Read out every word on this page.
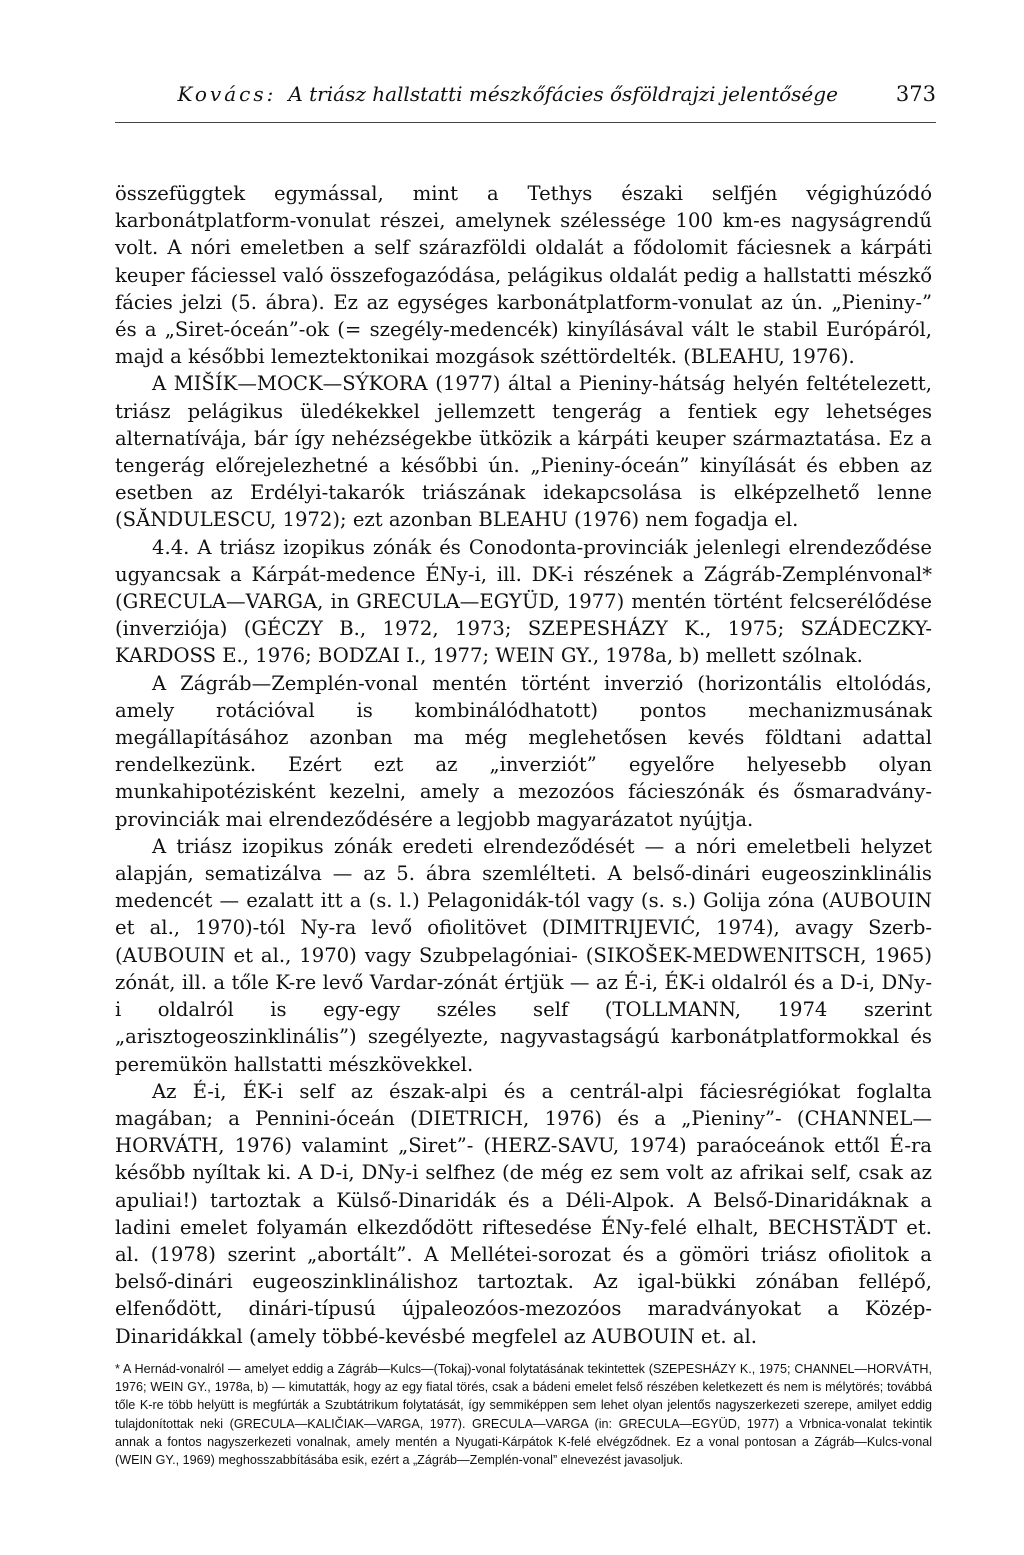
Kovács: A triász hallstatti mészkőfácies ősföldrajzi jelentősége	373

összefüggtek egymással, mint a Tethys északi selfjén végighúzódó karbonátplatform-vonulat részei, amelynek szélessége 100 km-es nagyságrendű volt. A nóri emeletben a self szárazföldi oldalát a fődolomit fáciesnek a kárpáti keuper fáciessel való összefogazódása, pelágikus oldalát pedig a hallstatti mészkő fácies jelzi (5. ábra). Ez az egységes karbonátplatform-vonulat az ún. „Pieniny-” és a „Siret-óceán”-ok (= szegély-medencék) kinyílásával vált le stabil Európáról, majd a későbbi lemeztektonikai mozgások széttördelték. (BLEAHU, 1976).

A MIŠÍK—MOCK—SÝKORA (1977) által a Pieniny-hátság helyén feltételezett, triász pelágikus üledékekkel jellemzett tengerág a fentiek egy lehetséges alternatívája, bár így nehézségekbe ütközik a kárpáti keuper származtatása. Ez a tengerág előrejelezhetné a későbbi ún. „Pieniny-óceán” kinyílását és ebben az esetben az Erdélyi-takarók triászának idekapcsolása is elképzelhető lenne (SĂNDULESCU, 1972); ezt azonban BLEAHU (1976) nem fogadja el.

4.4. A triász izopikus zónák és Conodonta-provinciák jelenlegi elrendeződése ugyancsak a Kárpát-medence ÉNy-i, ill. DK-i részének a Zágráb-Zemplénvonal* (GRECULA—VARGA, in GRECULA—EGYÜD, 1977) mentén történt felcserélődése (inverziója) (GÉCZY B., 1972, 1973; SZEPESHÁZY K., 1975; SZÁDECZKY-KARDOSS E., 1976; BODZAI I., 1977; WEIN GY., 1978a, b) mellett szólnak.

A Zágráb—Zemplén-vonal mentén történt inverzió (horizontális eltolódás, amely rotációval is kombinálódhatott) pontos mechanizmusának megállapításához azonban ma még meglehetősen kevés földtani adattal rendelkezünk. Ezért ezt az „inverziót” egyelőre helyesebb olyan munkahipotézisként kezelni, amely a mezozóos fácieszónák és ősmaradvány-provinciák mai elrendeződésére a legjobb magyarázatot nyújtja.

A triász izopikus zónák eredeti elrendeződését — a nóri emeletbeli helyzet alapján, sematizálva — az 5. ábra szemlélteti. A belső-dinári eugeoszinklinális medencét — ezalatt itt a (s. l.) Pelagonidák-tól vagy (s. s.) Golija zóna (AUBOUIN et al., 1970)-tól Ny-ra levő ofiolitövet (DIMITRIJEVIĆ, 1974), avagy Szerb-(AUBOUIN et al., 1970) vagy Szubpelagóniai- (SIKOŠEK-MEDWENITSCH, 1965) zónát, ill. a tőle K-re levő Vardar-zónát értjük — az É-i, ÉK-i oldalról és a D-i, DNy-i oldalról is egy-egy széles self (TOLLMANN, 1974 szerint „arisztogeoszinklinális”) szegélyezte, nagyvastagságú karbonátplatformokkal és peremükön hallstatti mészkövekkel.

Az É-i, ÉK-i self az észak-alpi és a centrál-alpi fáciesrégiókat foglalta magában; a Pennini-óceán (DIETRICH, 1976) és a „Pieniny”- (CHANNEL—HORVÁTH, 1976) valamint „Siret”- (HERZ-SAVU, 1974) paraóceánok ettől É-ra később nyíltak ki. A D-i, DNy-i selfhez (de még ez sem volt az afrikai self, csak az apuliai!) tartoztak a Külső-Dinaridák és a Déli-Alpok. A Belső-Dinaridáknak a ladini emelet folyamán elkezdődött riftesedése ÉNy-felé elhalt, BECHSTÄDT et. al. (1978) szerint „abortált”. A Mellétei-sorozat és a gömöri triász ofiolitok a belső-dinári eugeoszinklinálishoz tartoztak. Az igal-bükki zónában fellépő, elfenődött, dinári-típusú újpaleozóos-mezozóos maradványokat a Közép-Dinaridákkal (amely többé-kevésbé megfelel az AUBOUIN et. al.

* A Hernád-vonalról — amelyet eddig a Zágráb—Kulcs—(Tokaj)-vonal folytatásának tekintettek (SZEPESHÁZY K., 1975; CHANNEL—HORVÁTH, 1976; WEIN GY., 1978a, b) — kimutatták, hogy az egy fiatal törés, csak a bádeni emelet felső részében keletkezett és nem is mélytörés; továbbá tőle K-re több helyütt is megfúrták a Szubtátrikum folytatását, így semmiképpen sem lehet olyan jelentős nagyszerkezeti szerepe, amilyet eddig tulajdonítottak neki (GRECULA—KALIČIAK—VARGA, 1977). GRECULA—VARGA (in: GRECULA—EGYÜD, 1977) a Vrbnica-vonalat tekintik annak a fontos nagyszerkezeti vonalnak, amely mentén a Nyugati-Kárpátok K-felé elvégződnek. Ez a vonal pontosan a Zágráb—Kulcs-vonal (WEIN GY., 1969) meghosszabbításába esik, ezért a „Zágráb—Zemplén-vonal” elnevezést javasoljuk.
